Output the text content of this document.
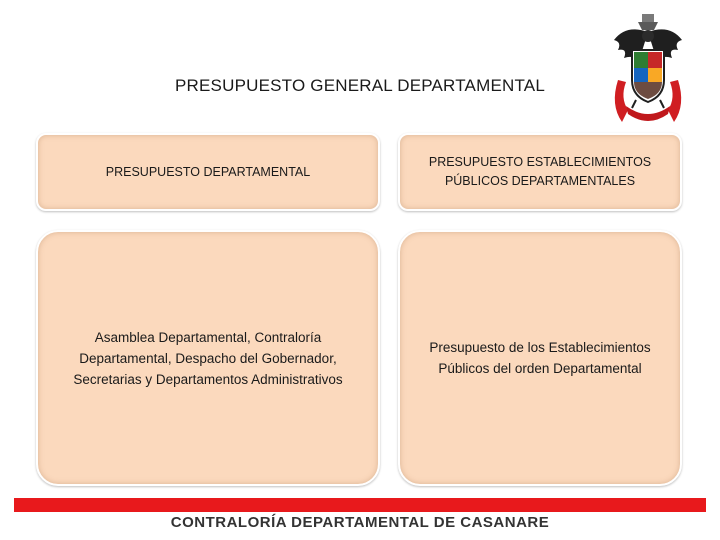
PRESUPUESTO GENERAL DEPARTAMENTAL
PRESUPUESTO DEPARTAMENTAL
PRESUPUESTO ESTABLECIMIENTOS PÚBLICOS DEPARTAMENTALES
Asamblea Departamental, Contraloría Departamental, Despacho del Gobernador, Secretarias y Departamentos Administrativos
Presupuesto de los Establecimientos Públicos del orden Departamental
CONTRALORÍA DEPARTAMENTAL DE CASANARE
